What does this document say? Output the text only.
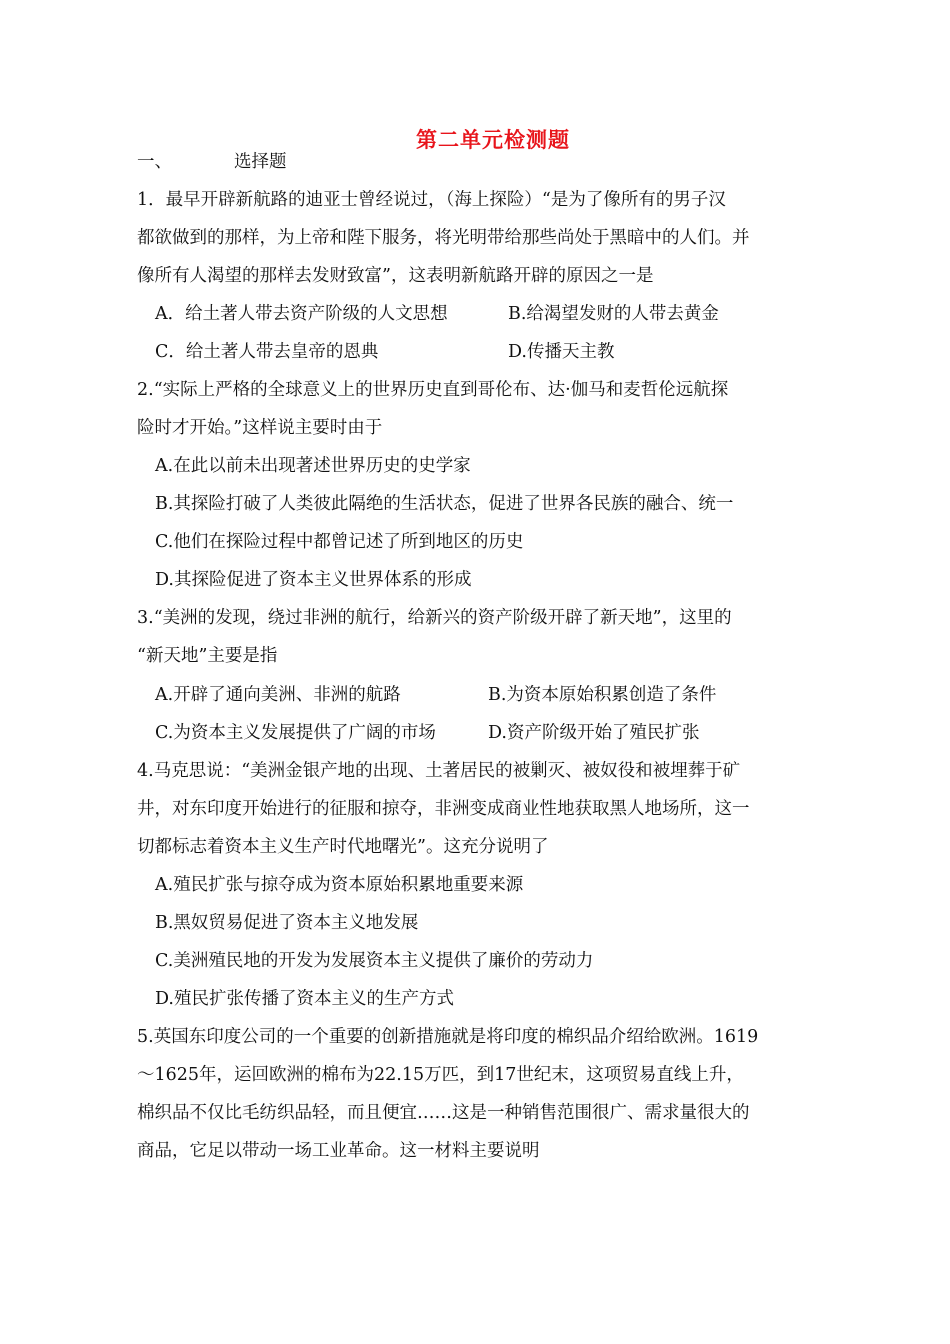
第二单元检测题
一、	选择题
1．最早开辟新航路的迪亚士曾经说过，（海上探险）“是为了像所有的男子汉
都欲做到的那样，为上帝和陛下服务，将光明带给那些尚处于黑暗中的人们。并
像所有人渴望的那样去发财致富”，这表明新航路开辟的原因之一是
A．给土著人带去资产阶级的人文思想	B.给渴望发财的人带去黄金
C．给土著人带去皇帝的恩典	D.传播天主教
2.“实际上严格的全球意义上的世界历史直到哥伦布、达·伽马和麦哲伦远航探
险时才开始。”这样说主要时由于
A.在此以前未出现著述世界历史的史学家
B.其探险打破了人类彼此隔绝的生活状态，促进了世界各民族的融合、统一
C.他们在探险过程中都曾记述了所到地区的历史
D.其探险促进了资本主义世界体系的形成
3.“美洲的发现，绕过非洲的航行，给新兴的资产阶级开辟了新天地”，这里的
“新天地”主要是指
A.开辟了通向美洲、非洲的航路	B.为资本原始积累创造了条件
C.为资本主义发展提供了广阔的市场	D.资产阶级开始了殖民扩张
4.马克思说：“美洲金银产地的出现、土著居民的被剿灭、被奴役和被埋葬于矿
井，对东印度开始进行的征服和掠夺，非洲变成商业性地获取黑人地场所，这一
切都标志着资本主义生产时代地曙光”。这充分说明了
A.殖民扩张与掠夺成为资本原始积累地重要来源
B.黑奴贸易促进了资本主义地发展
C.美洲殖民地的开发为发展资本主义提供了廉价的劳动力
D.殖民扩张传播了资本主义的生产方式
5.英国东印度公司的一个重要的创新措施就是将印度的棉织品介绍给欧洲。1619
～1625年，运回欧洲的棉布为22.15万匹，到17世纪末，这项贸易直线上升，
棉织品不仅比毛纺织品轻，而且便宜……这是一种销售范围很广、需求量很大的
商品，它足以带动一场工业革命。这一材料主要说明
